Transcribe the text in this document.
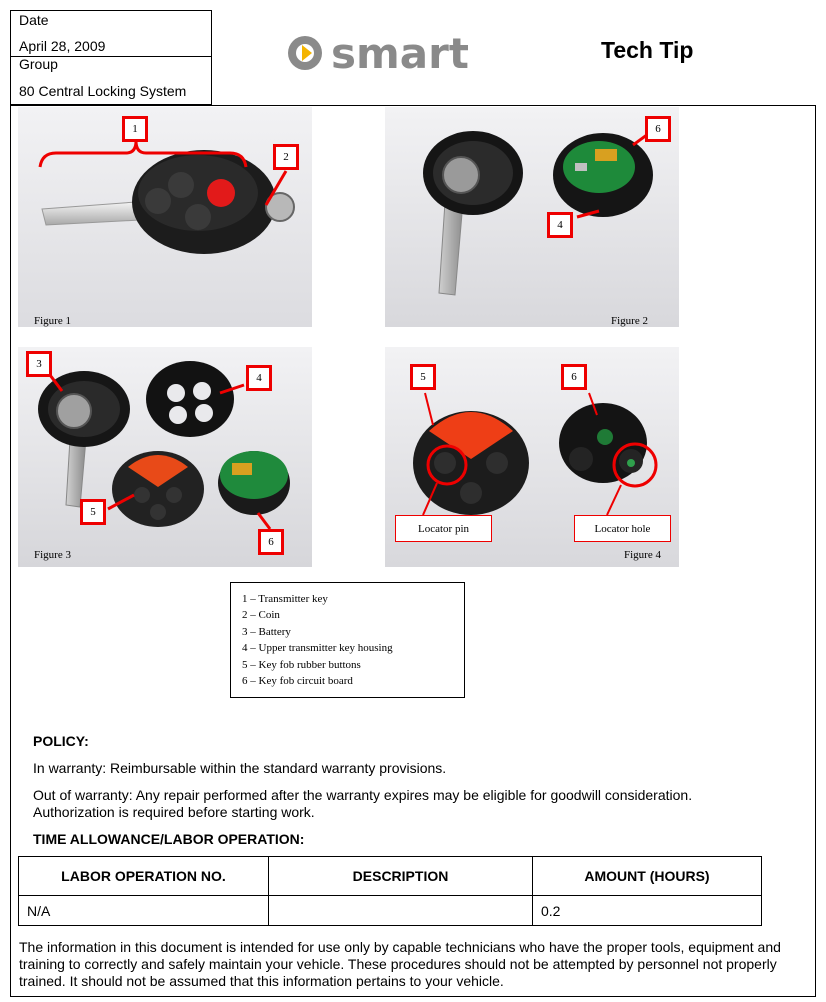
Date
April 28, 2009
Group
80 Central Locking System
smart	Tech Tip
1
2
Figure 1
6
4
Figure 2
3
4
5
6
Figure 3
5	6
Locator pin	Locator hole
Figure 4
1 – Transmitter key
2 – Coin
3 – Battery
4 – Upper transmitter key housing
5 – Key fob rubber buttons
6 – Key fob circuit board
POLICY:
In warranty: Reimbursable within the standard warranty provisions.
Out of warranty: Any repair performed after the warranty expires may be eligible for goodwill consideration. Authorization is required before starting work.
TIME ALLOWANCE/LABOR OPERATION:
LABOR OPERATION NO.	DESCRIPTION	AMOUNT (HOURS)
N/A		0.2
The information in this document is intended for use only by capable technicians who have the proper tools, equipment and training to correctly and safely maintain your vehicle. These procedures should not be attempted by personnel not properly trained. It should not be assumed that this information pertains to your vehicle.
